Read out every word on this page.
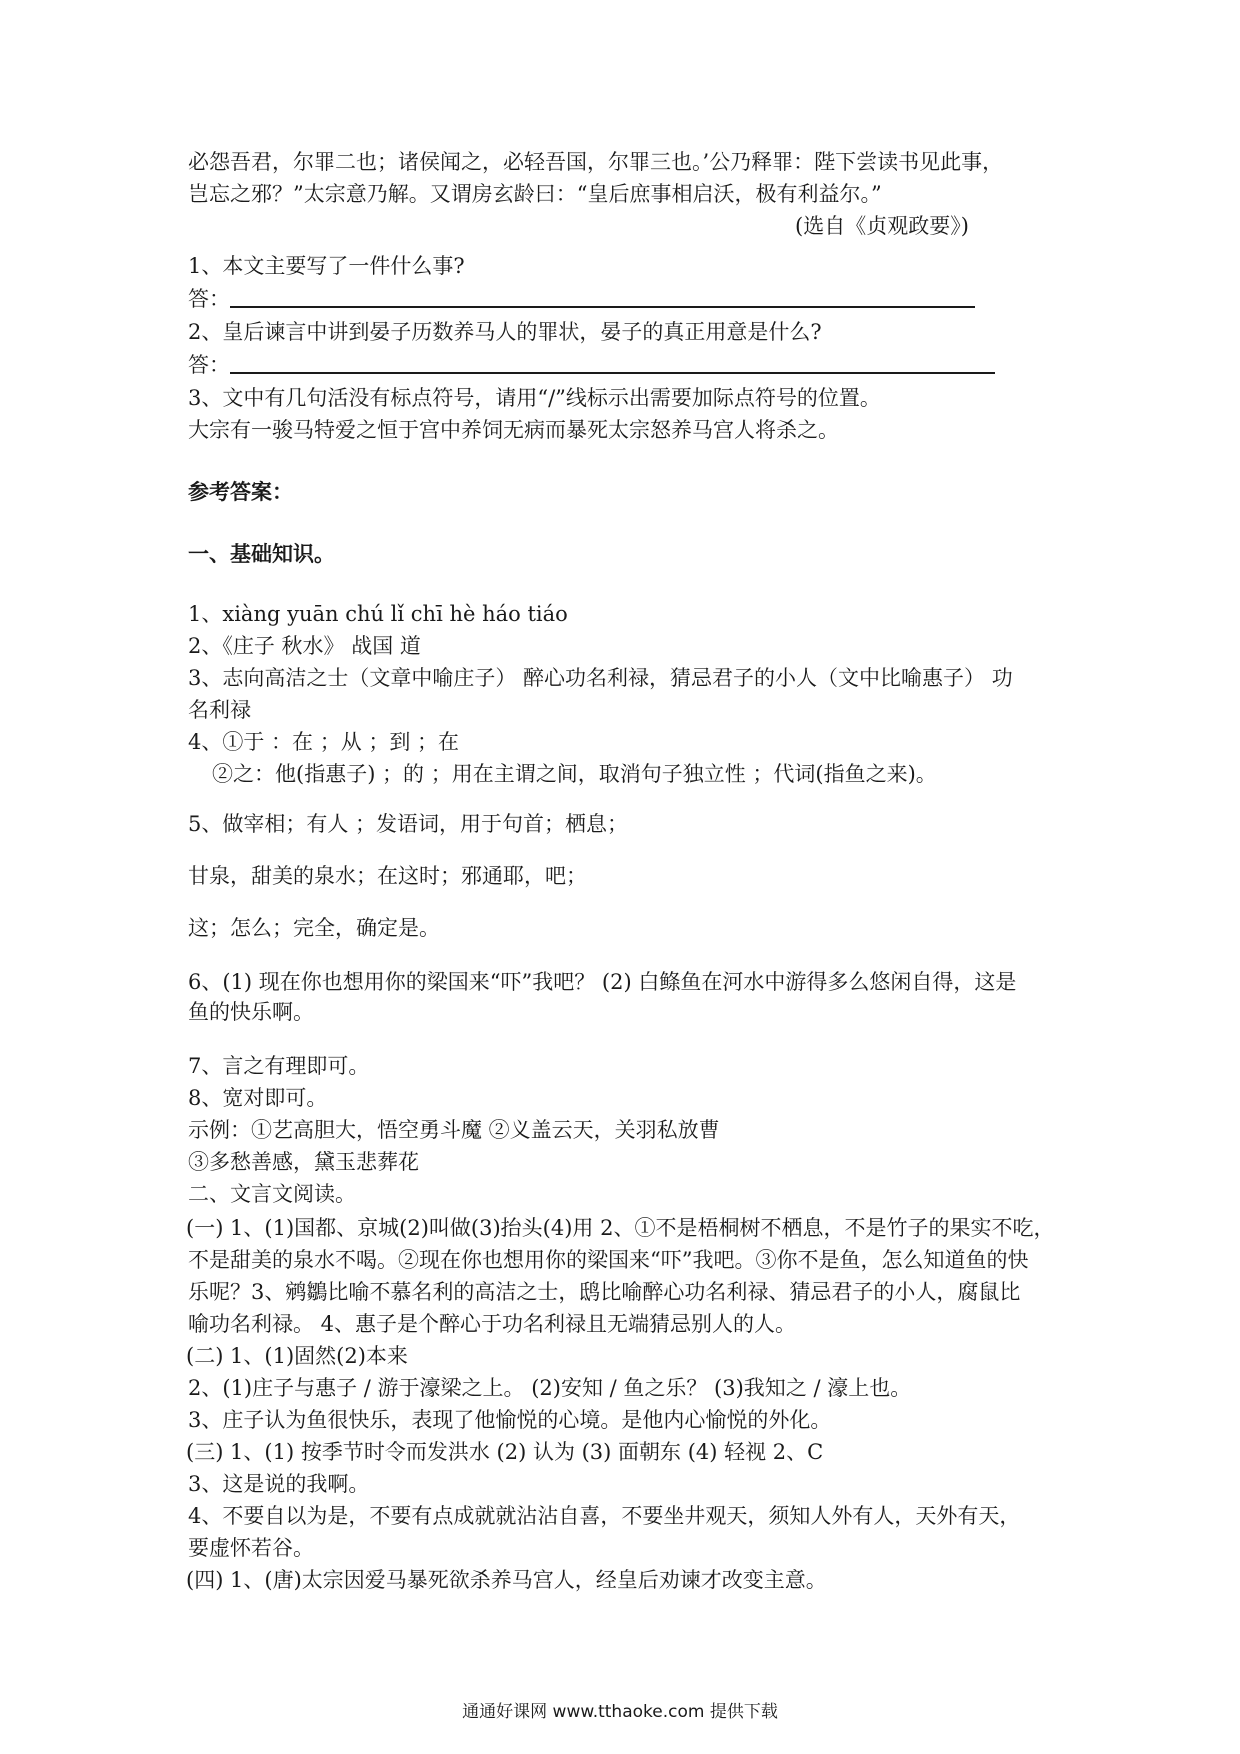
必怨吾君，尔罪二也；诸侯闻之，必轻吾国，尔罪三也。’公乃释罪：陛下尝读书见此事，
岂忘之邪？”太宗意乃解。又谓房玄龄曰：“皇后庶事相启沃，极有利益尔。”
(选自《贞观政要》)
1、本文主要写了一件什么事?
答：
2、皇后谏言中讲到晏子历数养马人的罪状，晏子的真正用意是什么?
答：
3、文中有几句活没有标点符号，请用“/”线标示出需要加际点符号的位置。
大宗有一骏马特爱之恒于宫中养饲无病而暴死太宗怒养马宫人将杀之。
参考答案：
一、基础知识。
1、xiàng yuān chú lǐ chī hè háo tiáo
2、《庄子 秋水》 战国 道
3、志向高洁之士（文章中喻庄子） 醉心功名利禄，猜忌君子的小人（文中比喻惠子） 功
名利禄
4、①于 ：在 ；从 ；到 ；在
②之：他(指惠子) ；的 ；用在主谓之间，取消句子独立性 ；代词(指鱼之来)。
5、做宰相；有人 ；发语词，用于句首；栖息；
甘泉，甜美的泉水；在这时；邪通耶，吧；
这；怎么；完全，确定是。
6、(1) 现在你也想用你的梁国来“吓”我吧？ (2) 白鲦鱼在河水中游得多么悠闲自得，这是
鱼的快乐啊。
7、言之有理即可。
8、宽对即可。
示例：①艺高胆大，悟空勇斗魔 ②义盖云天，关羽私放曹
③多愁善感，黛玉悲葬花
二、文言文阅读。
(一) 1、(1)国都、京城(2)叫做(3)抬头(4)用 2、①不是梧桐树不栖息，不是竹子的果实不吃，
不是甜美的泉水不喝。②现在你也想用你的梁国来“吓”我吧。③你不是鱼，怎么知道鱼的快
乐呢？3、鹓鶵比喻不慕名利的高洁之士，鸱比喻醉心功名利禄、猜忌君子的小人，腐鼠比
喻功名利禄。 4、惠子是个醉心于功名利禄且无端猜忌别人的人。
(二) 1、(1)固然(2)本来
2、(1)庄子与惠子 / 游于濠梁之上。 (2)安知 / 鱼之乐？ (3)我知之 / 濠上也。
3、庄子认为鱼很快乐，表现了他愉悦的心境。是他内心愉悦的外化。
(三) 1、(1) 按季节时令而发洪水 (2) 认为 (3) 面朝东 (4) 轻视 2、C
3、这是说的我啊。
4、不要自以为是，不要有点成就就沾沾自喜，不要坐井观天，须知人外有人，天外有天，
要虚怀若谷。
(四) 1、(唐)太宗因爱马暴死欲杀养马宫人，经皇后劝谏才改变主意。
通通好课网 www.tthaoke.com 提供下载
